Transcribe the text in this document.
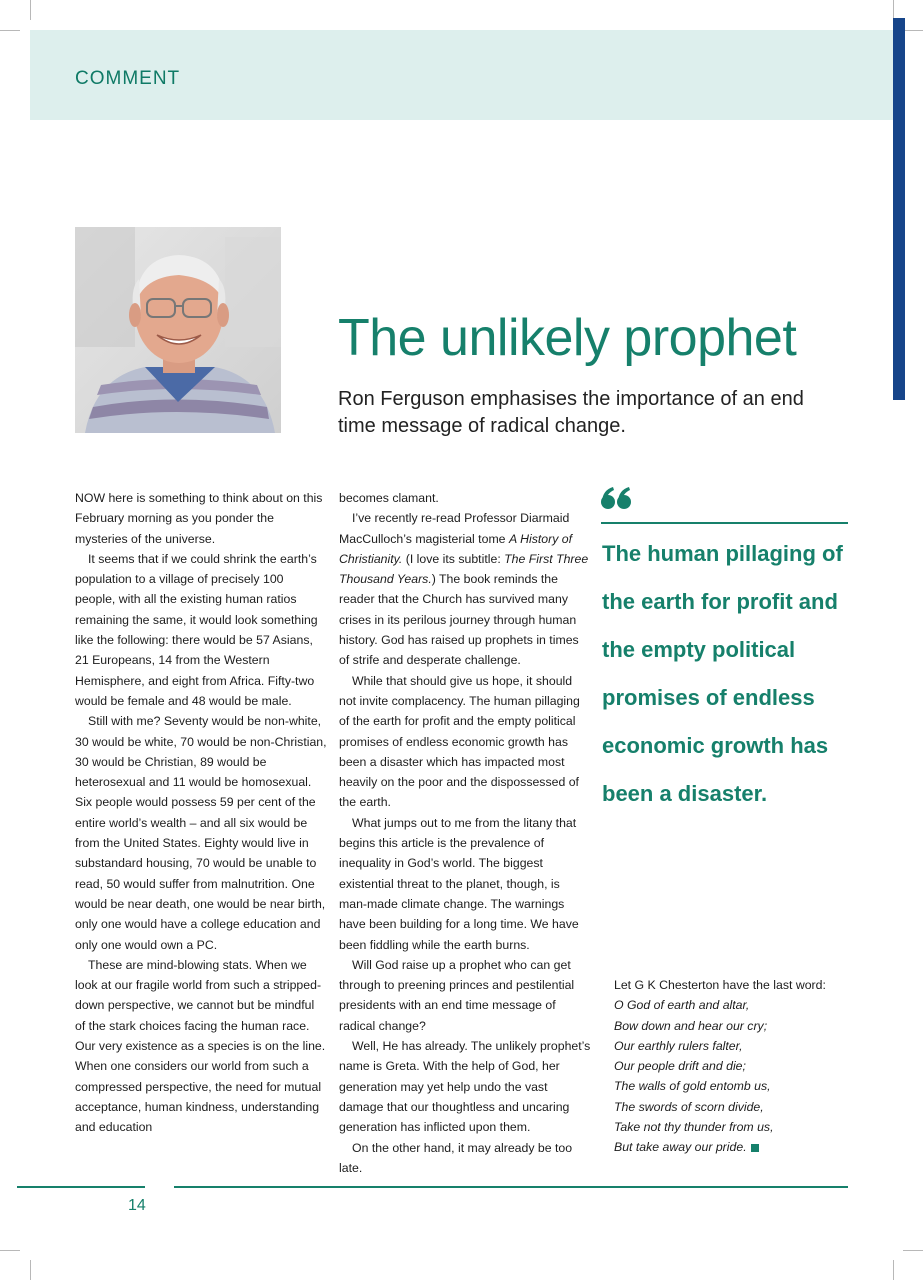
COMMENT
The unlikely prophet
Ron Ferguson emphasises the importance of an end time message of radical change.

NOW here is something to think about on this February morning as you ponder the mysteries of the universe.

It seems that if we could shrink the earth’s population to a village of precisely 100 people, with all the existing human ratios remaining the same, it would look something like the following: there would be 57 Asians, 21 Europeans, 14 from the Western Hemisphere, and eight from Africa. Fifty-two would be female and 48 would be male.

Still with me? Seventy would be non-white, 30 would be white, 70 would be non-Christian, 30 would be Christian, 89 would be heterosexual and 11 would be homosexual. Six people would possess 59 per cent of the entire world’s wealth – and all six would be from the United States. Eighty would live in substandard housing, 70 would be unable to read, 50 would suffer from malnutrition. One would be near death, one would be near birth, only one would have a college education and only one would own a PC.

These are mind-blowing stats. When we look at our fragile world from such a stripped-down perspective, we cannot but be mindful of the stark choices facing the human race. Our very existence as a species is on the line. When one considers our world from such a compressed perspective, the need for mutual acceptance, human kindness, understanding and education

becomes clamant.

I’ve recently re-read Professor Diarmaid MacCulloch’s magisterial tome A History of Christianity. (I love its subtitle: The First Three Thousand Years.) The book reminds the reader that the Church has survived many crises in its perilous journey through human history. God has raised up prophets in times of strife and desperate challenge.

While that should give us hope, it should not invite complacency. The human pillaging of the earth for profit and the empty political promises of endless economic growth has been a disaster which has impacted most heavily on the poor and the dispossessed of the earth.

What jumps out to me from the litany that begins this article is the prevalence of inequality in God’s world. The biggest existential threat to the planet, though, is man-made climate change. The warnings have been building for a long time. We have been fiddling while the earth burns.

Will God raise up a prophet who can get through to preening princes and pestilential presidents with an end time message of radical change?

Well, He has already. The unlikely prophet’s name is Greta. With the help of God, her generation may yet help undo the vast damage that our thoughtless and uncaring generation has inflicted upon them.

On the other hand, it may already be too late.

The human pillaging of the earth for profit and the empty political promises of endless economic growth has been a disaster.
Let G K Chesterton have the last word:
O God of earth and altar,
Bow down and hear our cry;
Our earthly rulers falter,
Our people drift and die;
The walls of gold entomb us,
The swords of scorn divide,
Take not thy thunder from us,
But take away our pride.
14
